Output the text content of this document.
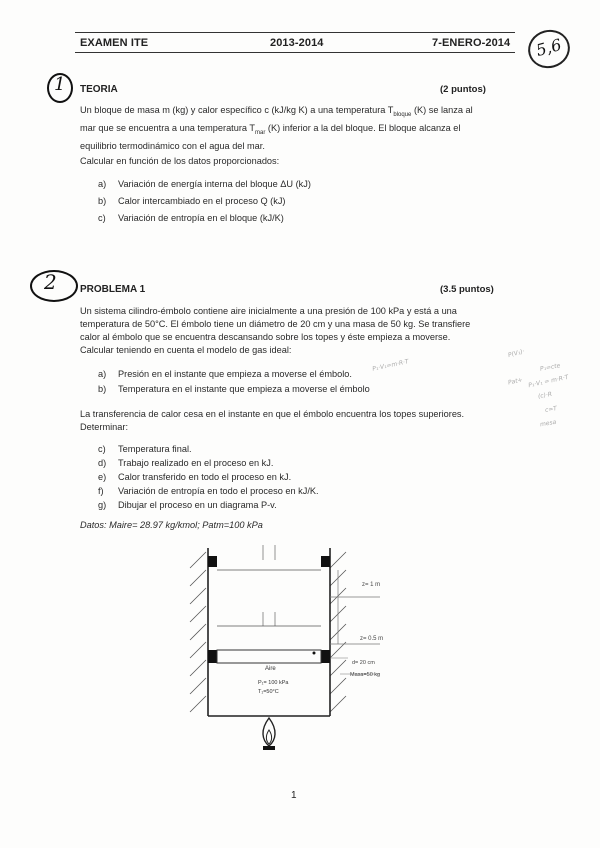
EXAMEN ITE	2013-2014	7-ENERO-2014 5,6
1 TEORIA	(2 puntos)
Un bloque de masa m (kg) y calor específico c (kJ/kg K) a una temperatura $T_{bloque}$ (K) se lanza al
mar que se encuentra a una temperatura $T_{mar}$ (K) inferior a la del bloque. El bloque alcanza el
equilibrio termodinámico con el agua del mar.
Calcular en función de los datos proporcionados:
a) Variación de energía interna del bloque ΔU (kJ)
b) Calor intercambiado en el proceso Q (kJ)
c) Variación de entropía en el bloque (kJ/K)
2 PROBLEMA 1	(3.5 puntos)
Un sistema cilindro-émbolo contiene aire inicialmente a una presión de 100 kPa y está a una
temperatura de 50°C. El émbolo tiene un diámetro de 20 cm y una masa de 50 kg. Se transfiere
calor al émbolo que se encuentra descansando sobre los topes y éste empieza a moverse.
Calcular teniendo en cuenta el modelo de gas ideal:
a) Presión en el instante que empieza a moverse el émbolo.
b) Temperatura en el instante que empieza a moverse el émbolo
La transferencia de calor cesa en el instante en que el émbolo encuentra los topes superiores.
Determinar:
c) Temperatura final.
d) Trabajo realizado en el proceso en kJ.
e) Calor transferido en todo el proceso en kJ.
f) Variación de entropía en todo el proceso en kJ/K.
g) Dibujar el proceso en un diagrama P-v.
Datos: Maire= 28.97 kg/kmol; Patm=100 kPa
P₁·V₁=m·R·T
P(V₁)·
P₁=cte
Pat+ P₁·V₁ = m·R·T
(c)·R
c=T
mesa
z= 1 m
z= 0.5 m
d= 20 cm
Masa=50 kg
Aire
P₁= 100 kPa
T₁=50°C
1
